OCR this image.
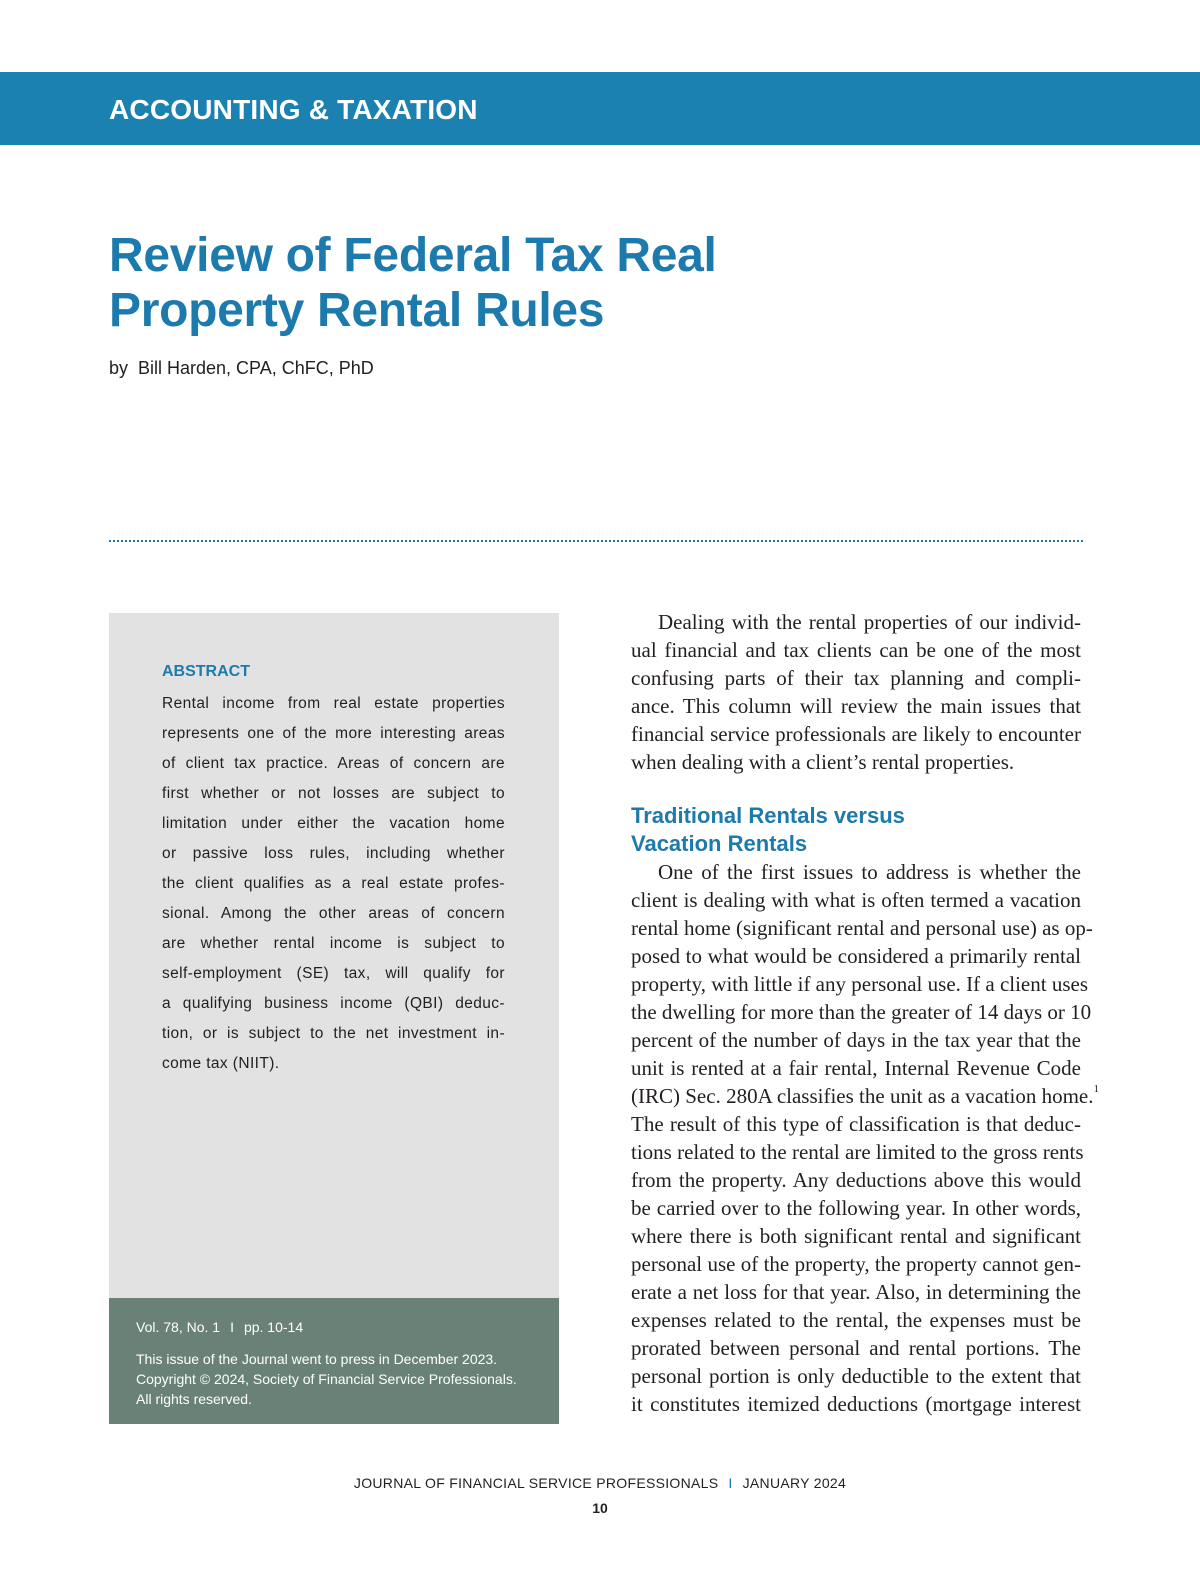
ACCOUNTING & TAXATION
Review of Federal Tax Real
Property Rental Rules
by Bill Harden, CPA, ChFC, PhD
ABSTRACT
Rental income from real estate properties
represents one of the more interesting areas
of client tax practice. Areas of concern are
first whether or not losses are subject to
limitation under either the vacation home
or passive loss rules, including whether
the client qualifies as a real estate profes-
sional. Among the other areas of concern
are whether rental income is subject to
self-employment (SE) tax, will qualify for
a qualifying business income (QBI) deduc-
tion, or is subject to the net investment in-
come tax (NIIT).
Vol. 78, No. 1 I pp. 10-14
This issue of the Journal went to press in December 2023.
Copyright © 2024, Society of Financial Service Professionals.
All rights reserved.
Dealing with the rental properties of our individ-
ual financial and tax clients can be one of the most
confusing parts of their tax planning and compli-
ance. This column will review the main issues that
financial service professionals are likely to encounter
when dealing with a client’s rental properties.
Traditional Rentals versus
Vacation Rentals
One of the first issues to address is whether the
client is dealing with what is often termed a vacation
rental home (significant rental and personal use) as op-
posed to what would be considered a primarily rental
property, with little if any personal use. If a client uses
the dwelling for more than the greater of 14 days or 10
percent of the number of days in the tax year that the
unit is rented at a fair rental, Internal Revenue Code
(IRC) Sec. 280A classifies the unit as a vacation home.$^1$
The result of this type of classification is that deduc-
tions related to the rental are limited to the gross rents
from the property. Any deductions above this would
be carried over to the following year. In other words,
where there is both significant rental and significant
personal use of the property, the property cannot gen-
erate a net loss for that year. Also, in determining the
expenses related to the rental, the expenses must be
prorated between personal and rental portions. The
personal portion is only deductible to the extent that
it constitutes itemized deductions (mortgage interest
JOURNAL OF FINANCIAL SERVICE PROFESSIONALS I JANUARY 2024
10
